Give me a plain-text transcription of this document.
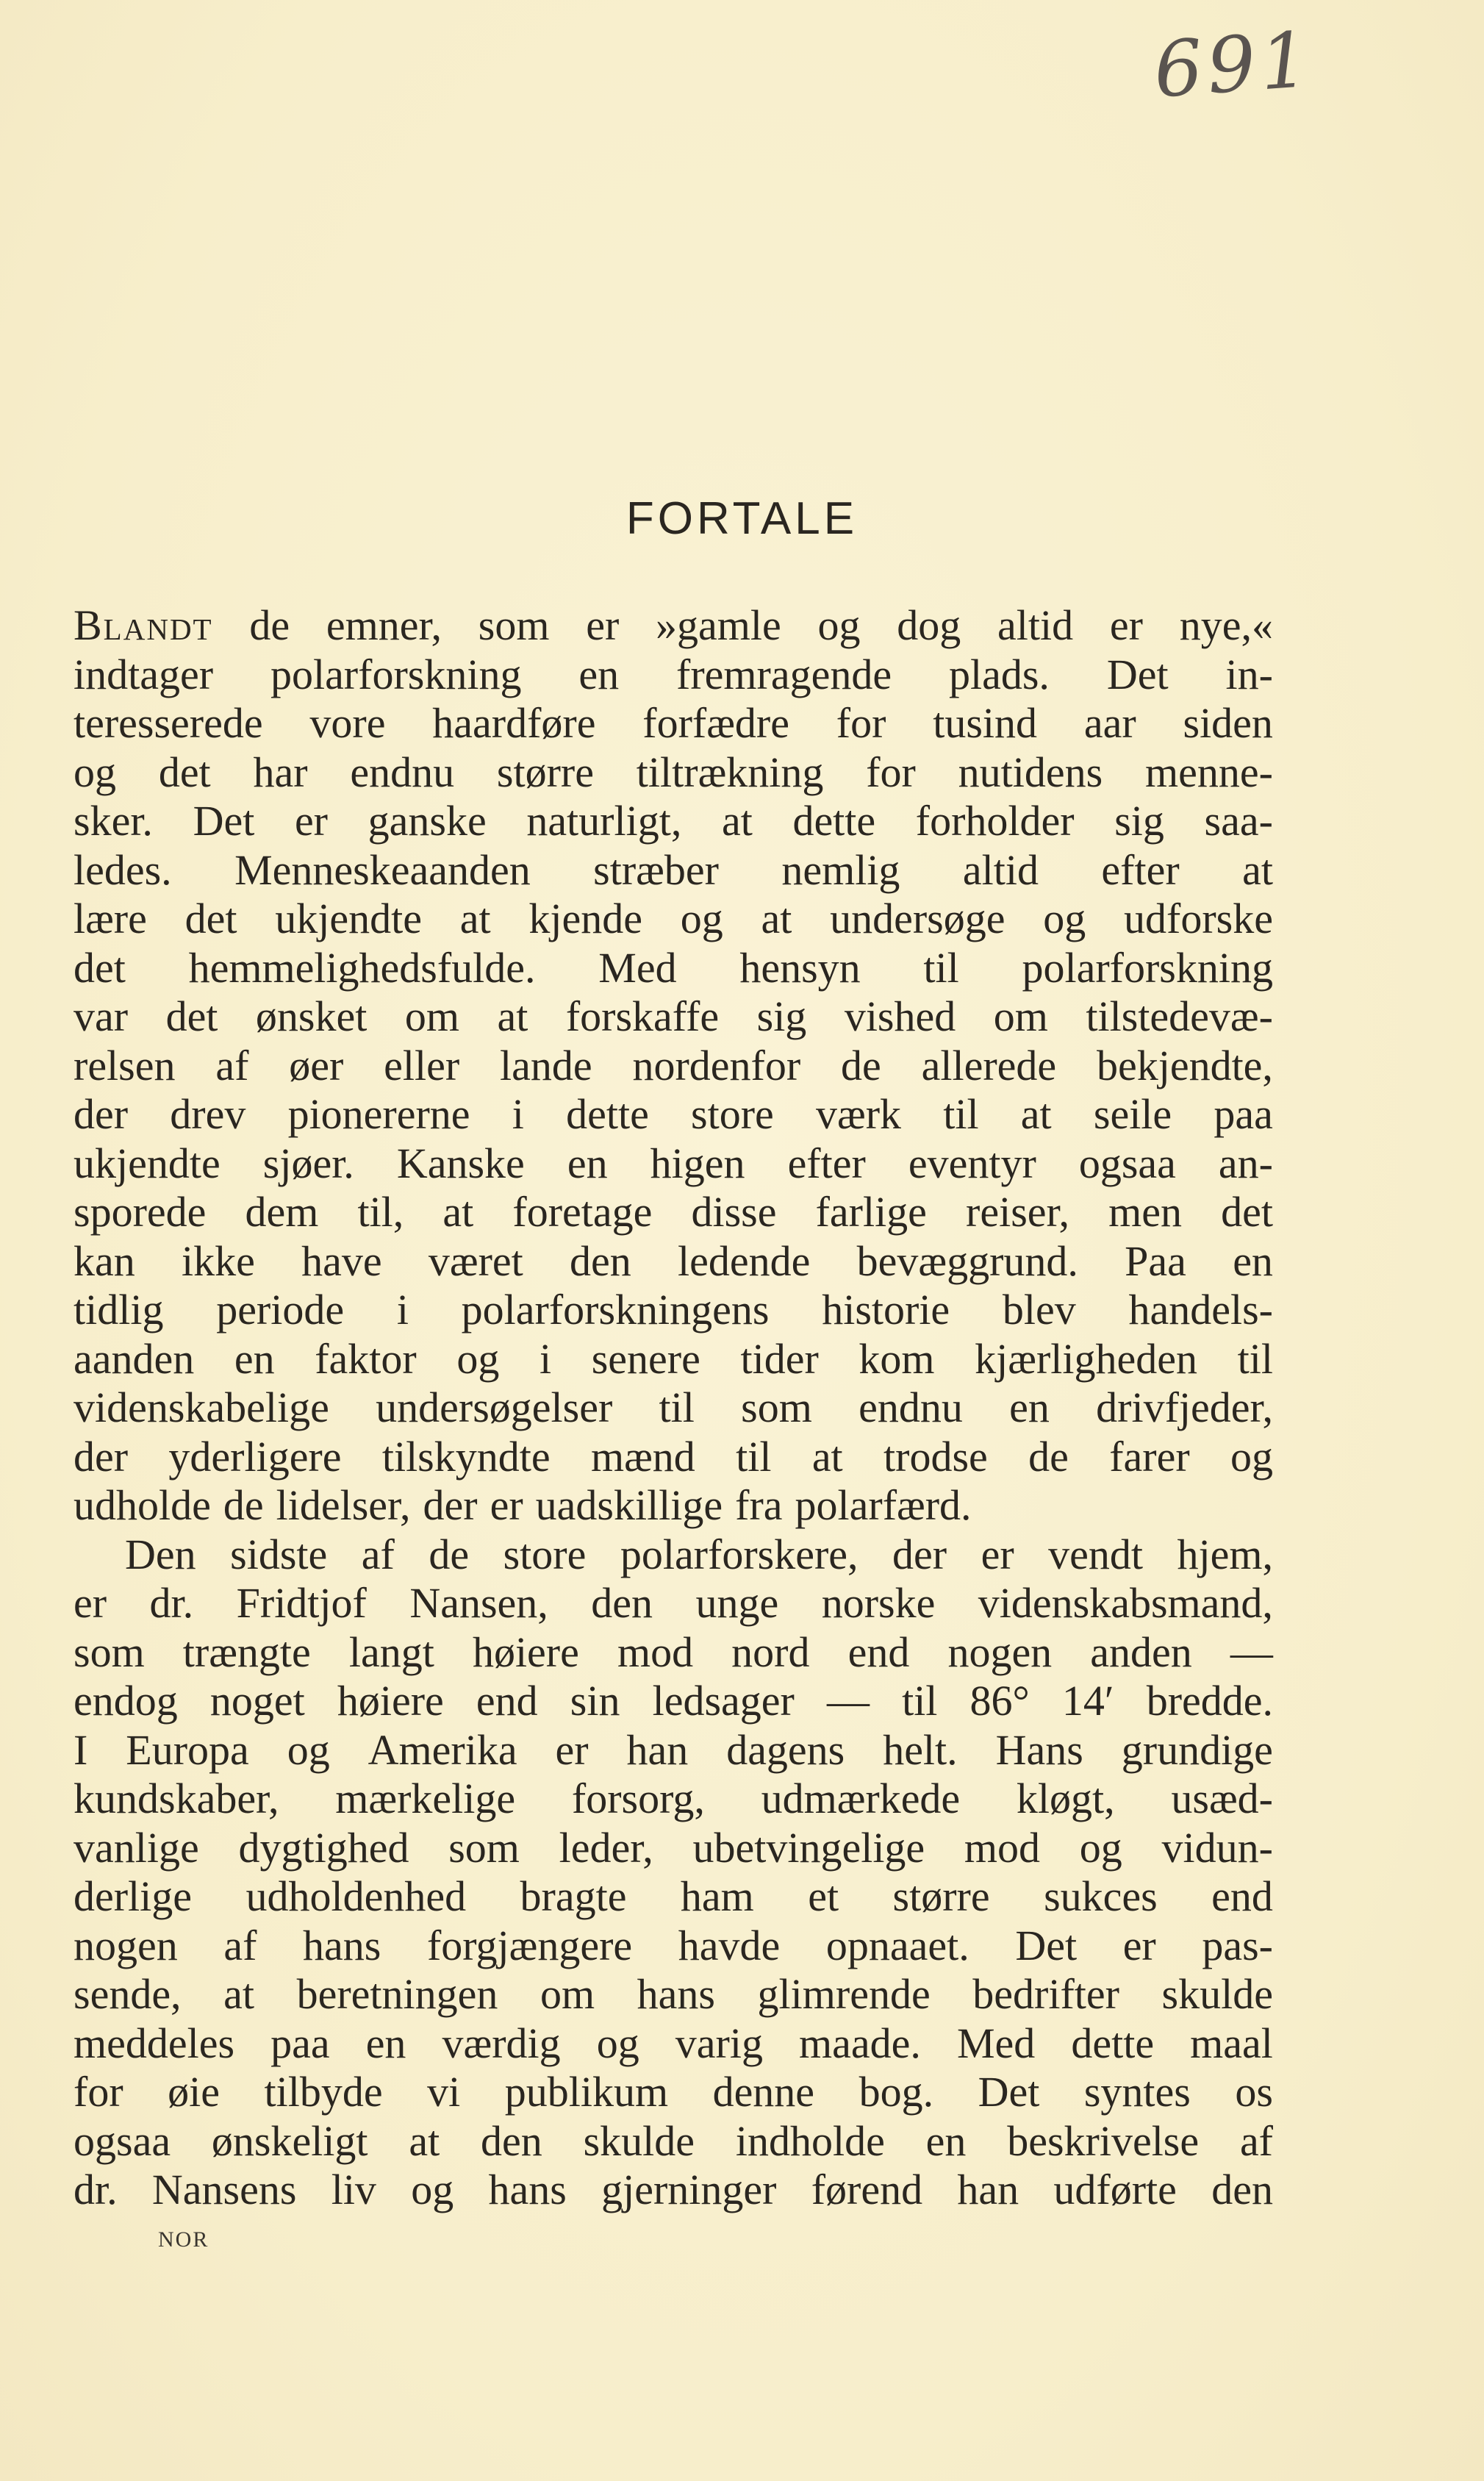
691
FORTALE
Blandt de emner, som er »gamle og dog altid er nye,«
indtager polarforskning en fremragende plads. Det in-
teresserede vore haardføre forfædre for tusind aar siden
og det har endnu større tiltrækning for nutidens menne-
sker. Det er ganske naturligt, at dette forholder sig saa-
ledes. Menneskeaanden stræber nemlig altid efter at
lære det ukjendte at kjende og at undersøge og udforske
det hemmelighedsfulde. Med hensyn til polarforskning
var det ønsket om at forskaffe sig vished om tilstedevæ-
relsen af øer eller lande nordenfor de allerede bekjendte,
der drev pionererne i dette store værk til at seile paa
ukjendte sjøer. Kanske en higen efter eventyr ogsaa an-
sporede dem til, at foretage disse farlige reiser, men det
kan ikke have været den ledende bevæggrund. Paa en
tidlig periode i polarforskningens historie blev handels-
aanden en faktor og i senere tider kom kjærligheden til
videnskabelige undersøgelser til som endnu en drivfjeder,
der yderligere tilskyndte mænd til at trodse de farer og
udholde de lidelser, der er uadskillige fra polarfærd.
Den sidste af de store polarforskere, der er vendt hjem,
er dr. Fridtjof Nansen, den unge norske videnskabsmand,
som trængte langt høiere mod nord end nogen anden —
endog noget høiere end sin ledsager — til 86° 14′ bredde.
I Europa og Amerika er han dagens helt. Hans grundige
kundskaber, mærkelige forsorg, udmærkede kløgt, usæd-
vanlige dygtighed som leder, ubetvingelige mod og vidun-
derlige udholdenhed bragte ham et større sukces end
nogen af hans forgjængere havde opnaaet. Det er pas-
sende, at beretningen om hans glimrende bedrifter skulde
meddeles paa en værdig og varig maade. Med dette maal
for øie tilbyde vi publikum denne bog. Det syntes os
ogsaa ønskeligt at den skulde indholde en beskrivelse af
dr. Nansens liv og hans gjerninger førend han udførte den
NOR
